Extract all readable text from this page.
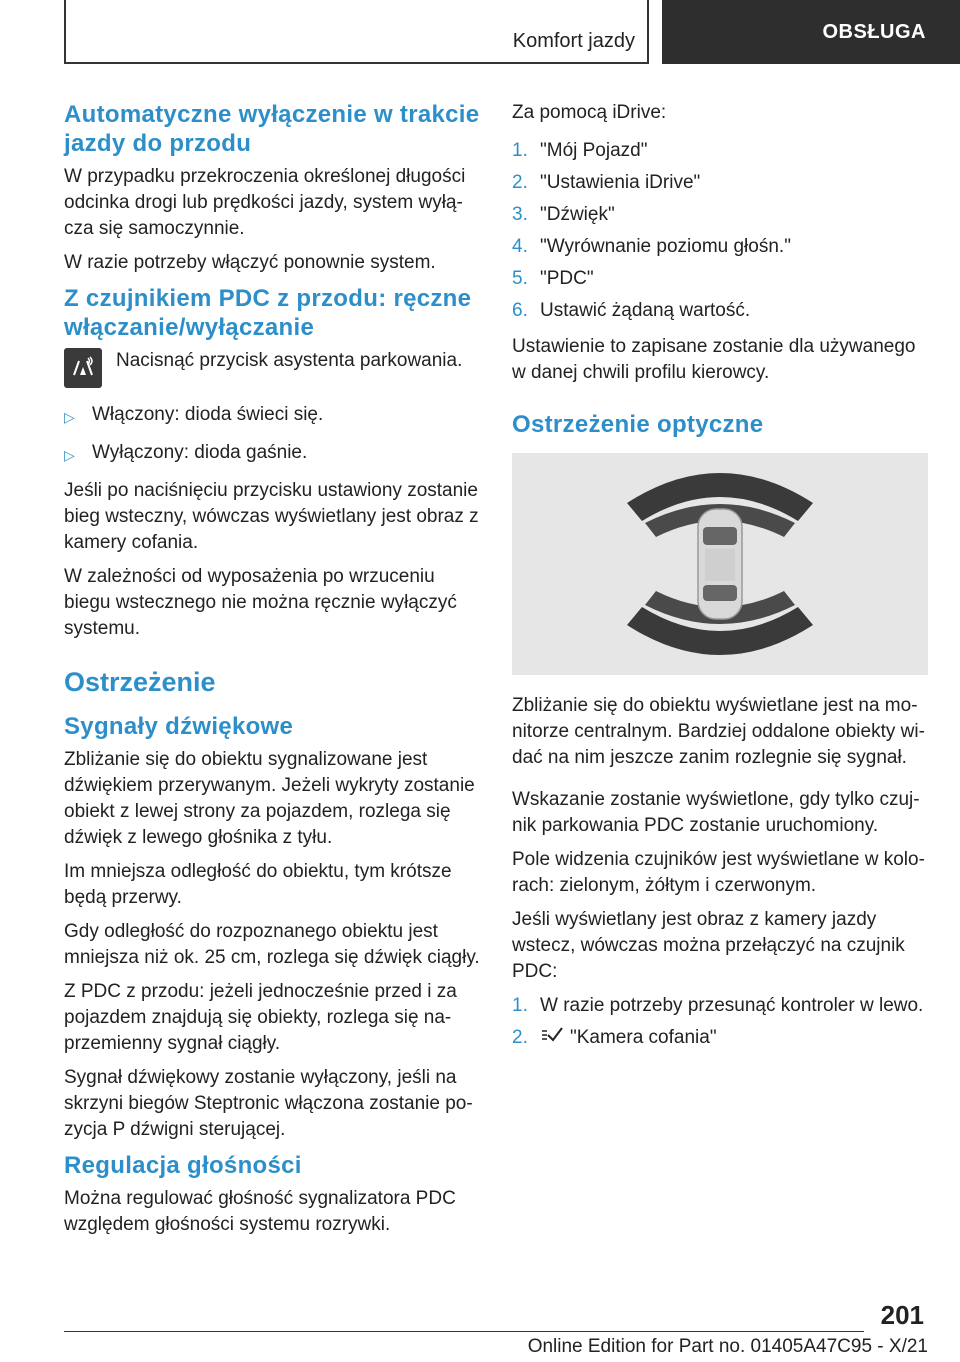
Komfort jazdy	OBSŁUGA
Automatyczne wyłączenie w trakcie jazdy do przodu

W przypadku przekroczenia określonej długości odcinka drogi lub prędkości jazdy, system wyłą-cza się samoczynnie.

W razie potrzeby włączyć ponownie system.

Z czujnikiem PDC z przodu: ręczne włączanie/wyłączanie
Nacisnąć przycisk asystenta parkowania.
▷ Włączony: dioda świeci się.
▷ Wyłączony: dioda gaśnie.

Jeśli po naciśnięciu przycisku ustawiony zostanie bieg wsteczny, wówczas wyświetlany jest obraz z kamery cofania.

W zależności od wyposażenia po wrzuceniu biegu wstecznego nie można ręcznie wyłączyć systemu.

Ostrzeżenie
Sygnały dźwiękowe

Zbliżanie się do obiektu sygnalizowane jest dźwiękiem przerywanym. Jeżeli wykryty zostanie obiekt z lewej strony za pojazdem, rozlega się dźwięk z lewego głośnika z tyłu.

Im mniejsza odległość do obiektu, tym krótsze będą przerwy.

Gdy odległość do rozpoznanego obiektu jest mniejsza niż ok. 25 cm, rozlega się dźwięk ciągły.

Z PDC z przodu: jeżeli jednocześnie przed i za pojazdem znajdują się obiekty, rozlega się na-przemienny sygnał ciągły.

Sygnał dźwiękowy zostanie wyłączony, jeśli na skrzyni biegów Steptronic włączona zostanie po-zycja P dźwigni sterującej.

Regulacja głośności

Można regulować głośność sygnalizatora PDC względem głośności systemu rozrywki.

Za pomocą iDrive:

1. "Mój Pojazd"
2. "Ustawienia iDrive"
3. "Dźwięk"
4. "Wyrównanie poziomu głośn."
5. "PDC"
6. Ustawić żądaną wartość.

Ustawienie to zapisane zostanie dla używanego w danej chwili profilu kierowcy.

Ostrzeżenie optyczne

Zbliżanie się do obiektu wyświetlane jest na mo-nitorze centralnym. Bardziej oddalone obiekty wi-dać na nim jeszcze zanim rozlegnie się sygnał.

Wskazanie zostanie wyświetlone, gdy tylko czuj-nik parkowania PDC zostanie uruchomiony.

Pole widzenia czujników jest wyświetlane w kolo-rach: zielonym, żółtym i czerwonym.

Jeśli wyświetlany jest obraz z kamery jazdy wstecz, wówczas można przełączyć na czujnik PDC:

1. W razie potrzeby przesunąć kontroler w lewo.
2.	"Kamera cofania"
201
Online Edition for Part no. 01405A47C95 - X/21
